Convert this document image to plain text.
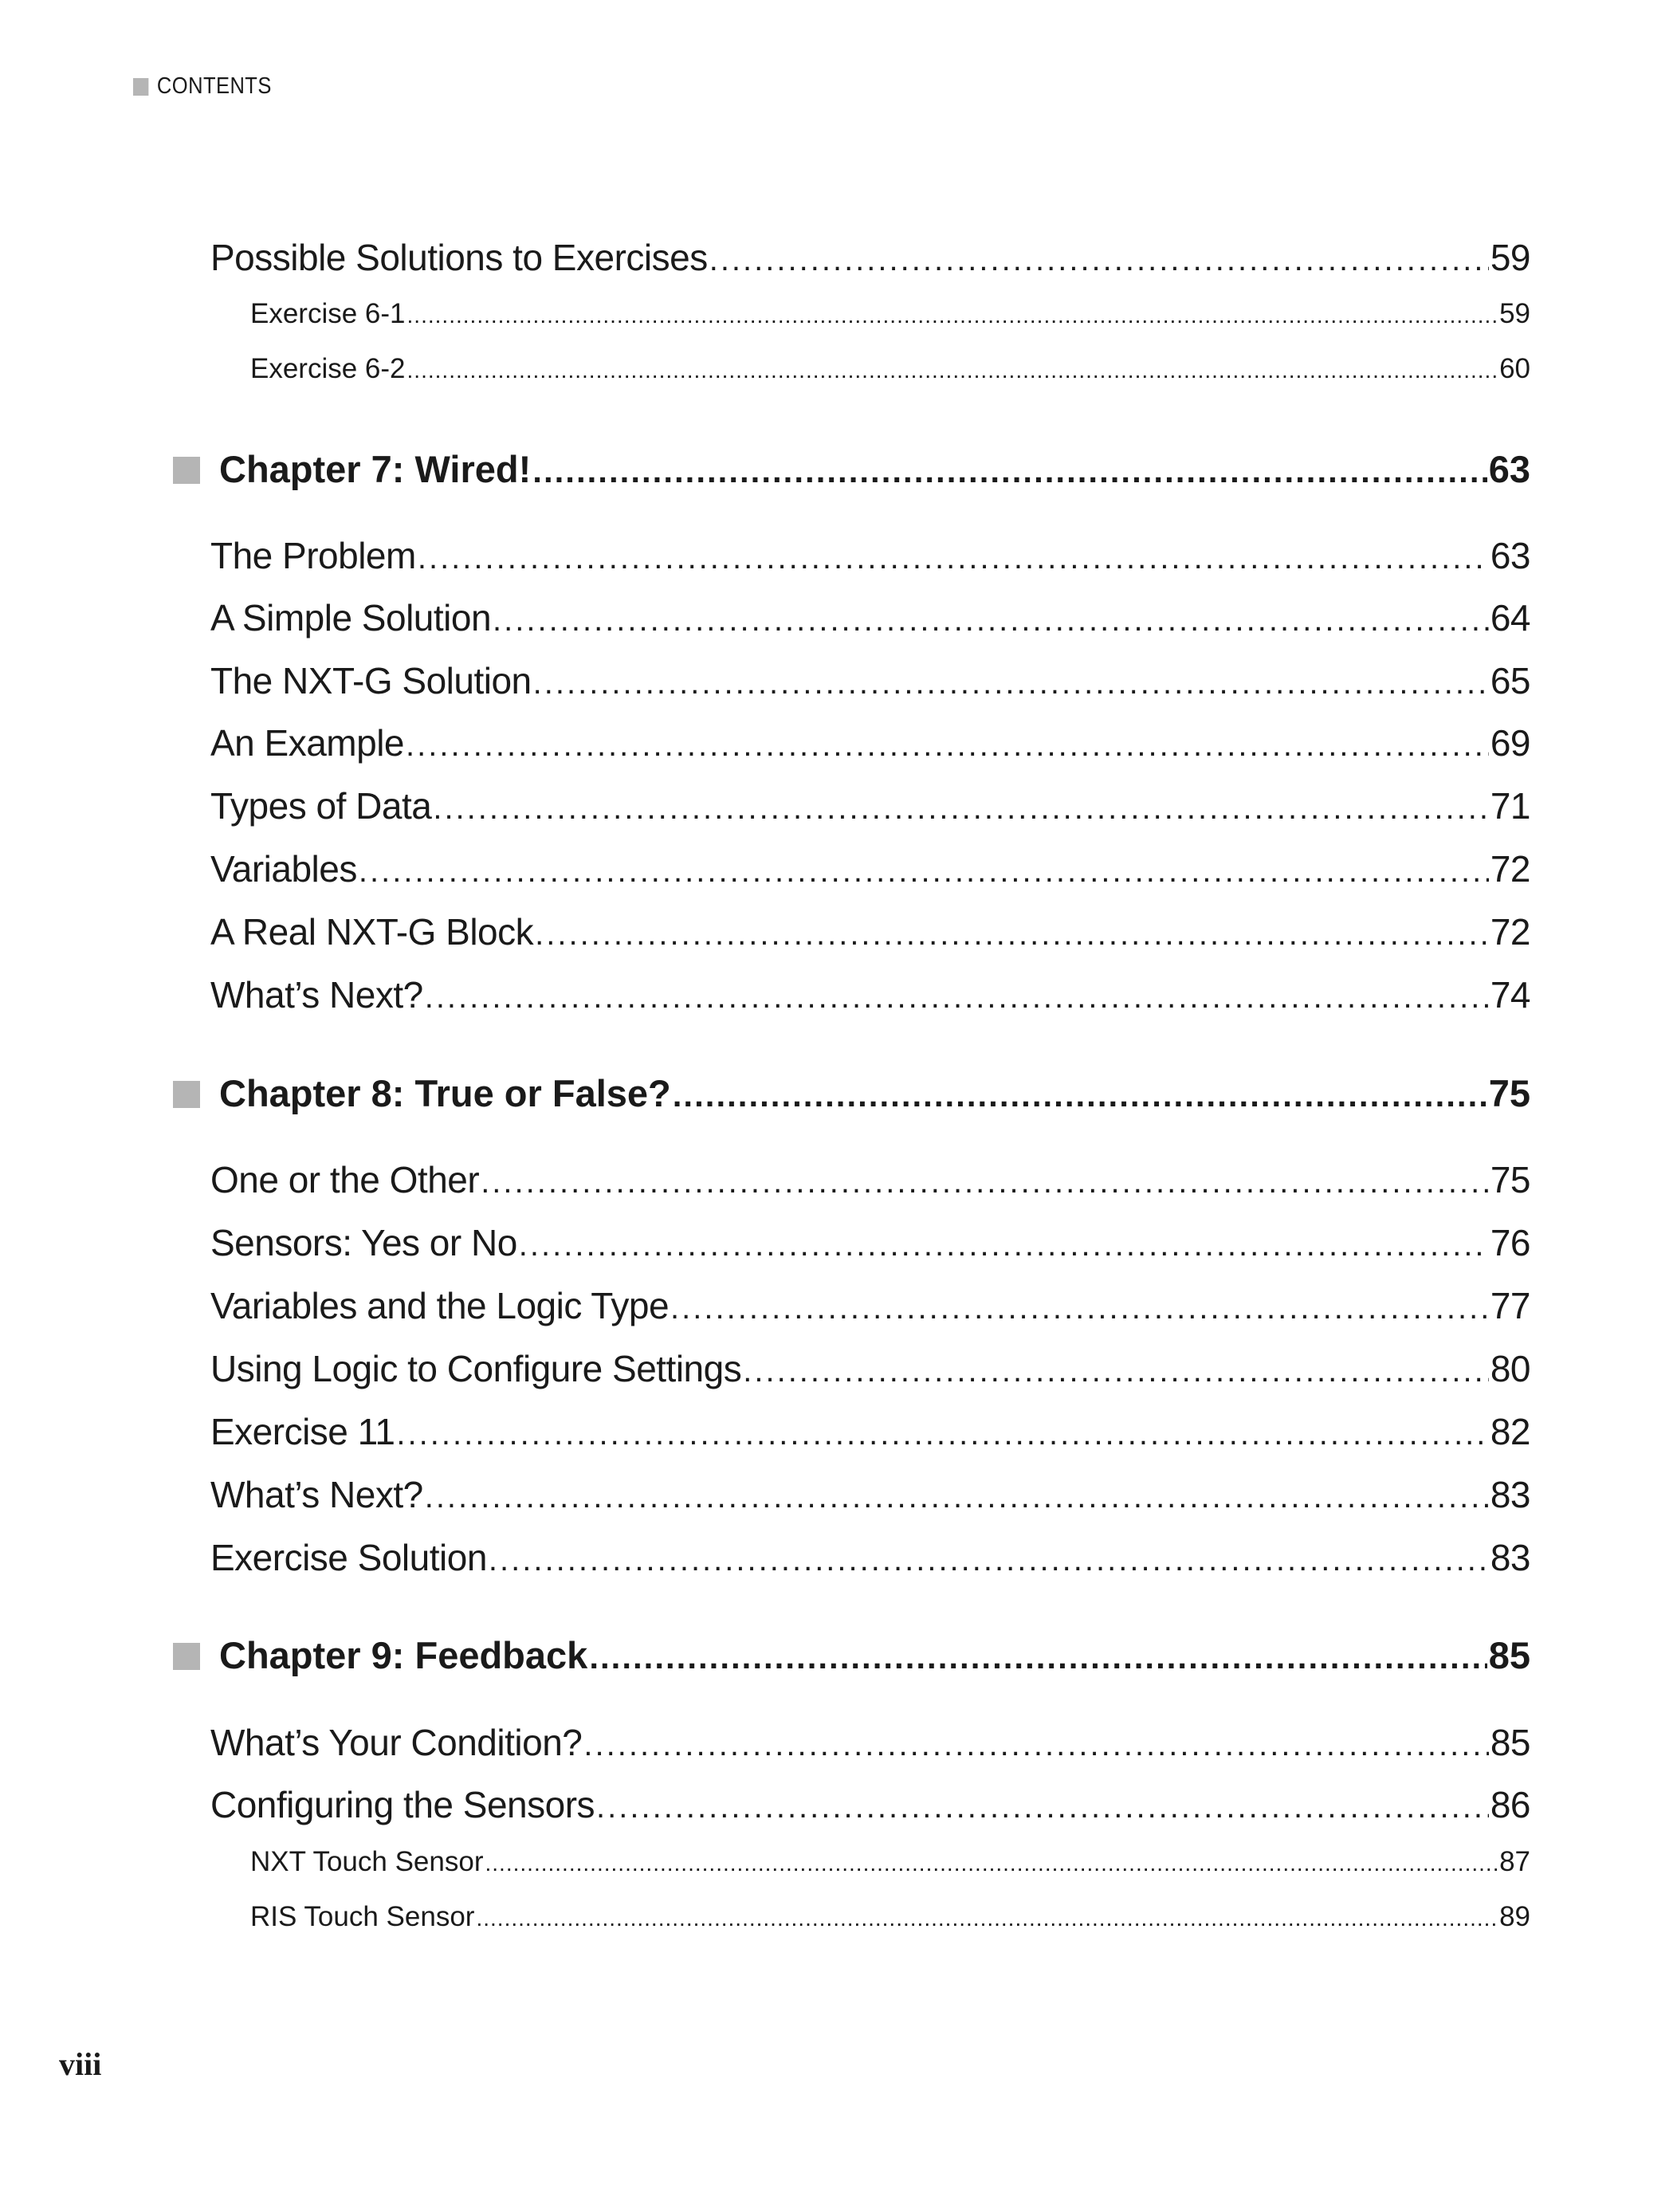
CONTENTS
Possible Solutions to Exercises .....	59
Exercise 6-1 .....	59
Exercise 6-2 .....	60
Chapter 7: Wired! .....	63
The Problem .....	63
A Simple Solution .....	64
The NXT-G Solution .....	65
An Example .....	69
Types of Data .....	71
Variables .....	72
A Real NXT-G Block .....	72
What’s Next? .....	74
Chapter 8: True or False? .....	75
One or the Other .....	75
Sensors: Yes or No .....	76
Variables and the Logic Type .....	77
Using Logic to Configure Settings .....	80
Exercise 11 .....	82
What’s Next? .....	83
Exercise Solution .....	83
Chapter 9: Feedback .....	85
What’s Your Condition? .....	85
Configuring the Sensors .....	86
NXT Touch Sensor .....	87
RIS Touch Sensor .....	89
viii
